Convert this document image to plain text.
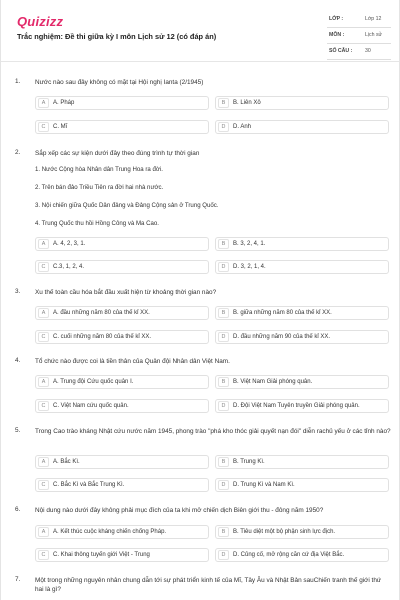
Quizizz
Trắc nghiệm: Đề thi giữa kỳ I môn Lịch sử 12 (có đáp án)
LỚP :	Lớp 12
MÔN :	Lịch sử
SỐ CÂU : 30
1. Nước nào sau đây không có mặt tại Hội nghị Ianta (2/1945)
A	A. Pháp	B	B. Liên Xô
C	C. Mĩ	D	D. Anh
2. Sắp xếp các sự kiện dưới đây theo đúng trình tự thời gian
1. Nước Cộng hòa Nhân dân Trung Hoa ra đời.
2. Trên bán đảo Triều Tiên ra đời hai nhà nước.
3. Nội chiến giữa Quốc Dân đảng và Đảng Cộng sản ở Trung Quốc.
4. Trung Quốc thu hồi Hồng Công và Ma Cao.
A	A. 4, 2, 3, 1.	B	B. 3, 2, 4, 1.
C	C.3, 1, 2, 4.	D	D. 3, 2, 1, 4.
3. Xu thế toàn cầu hóa bắt đầu xuất hiện từ khoảng thời gian nào?
A	A. đầu những năm 80 của thế kỉ XX.	B	B. giữa những năm 80 của thế kỉ XX.
C	C. cuối những năm 80 của thế kỉ XX.	D	D. đầu những năm 90 của thế kỉ XX.
4. Tổ chức nào được coi là tiền thân của Quân đội Nhân dân Việt Nam.
A	A. Trung đội Cứu quốc quân I.	B	B. Việt Nam Giải phóng quân.
C	C. Việt Nam cứu quốc quân.	D	D. Đội Việt Nam Tuyên truyền Giải phóng quân.
5. Trong Cao trào kháng Nhật cứu nước năm 1945, phong trào "phá kho thóc giải quyết nạn đói" diễn rachủ yếu ở các tỉnh nào?
A	A. Bắc Kì.	B	B. Trung Kì.
C	C. Bắc Kì và Bắc Trung Kì.	D	D. Trung Kì và Nam Kì.
6. Nội dung nào dưới đây không phải mục đích của ta khi mở chiến dịch Biên giới thu - đông năm 1950?
A	A. Kết thúc cuộc kháng chiến chống Pháp.	B	B. Tiêu diệt một bộ phận sinh lực địch.
C	C. Khai thông tuyến giới Việt - Trung	D	D. Củng cố, mở rộng căn cứ địa Việt Bắc.
7. Một trong những nguyên nhân chung dẫn tới sự phát triển kinh tế của Mĩ, Tây Âu và Nhật Bản sauChiến tranh thế giới thứ hai là gì?
